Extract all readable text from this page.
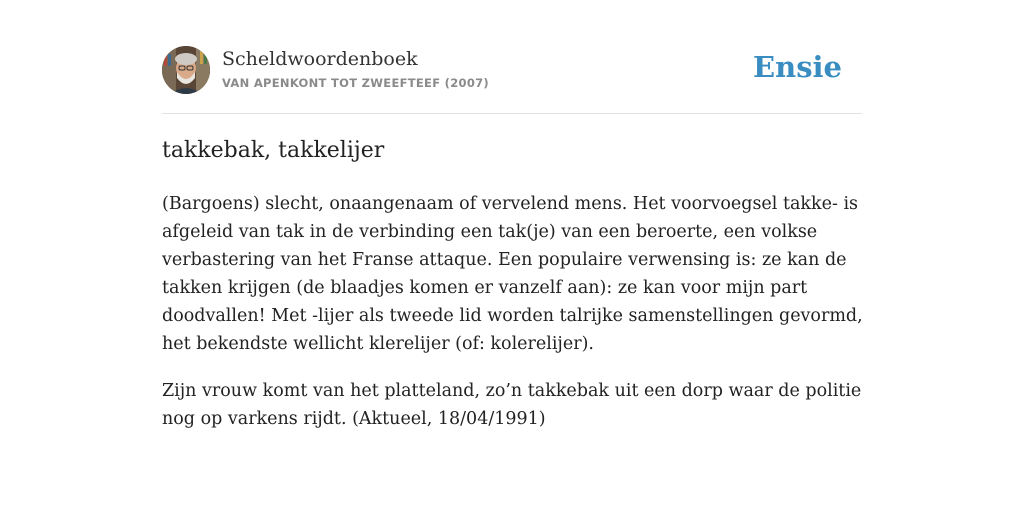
Scheldwoordenboek
VAN APENKONT TOT ZWEEFTEEF (2007)	Ensie
takkebak, takkelijer

(Bargoens) slecht, onaangenaam of vervelend mens. Het voorvoegsel takke- is
afgeleid van tak in de verbinding een tak(je) van een beroerte, een volkse
verbastering van het Franse attaque. Een populaire verwensing is: ze kan de
takken krijgen (de blaadjes komen er vanzelf aan): ze kan voor mijn part
doodvallen! Met -lijer als tweede lid worden talrijke samenstellingen gevormd,
het bekendste wellicht klerelijer (of: kolerelijer).

Zijn vrouw komt van het platteland, zo’n takkebak uit een dorp waar de politie
nog op varkens rijdt. (Aktueel, 18/04/1991)
